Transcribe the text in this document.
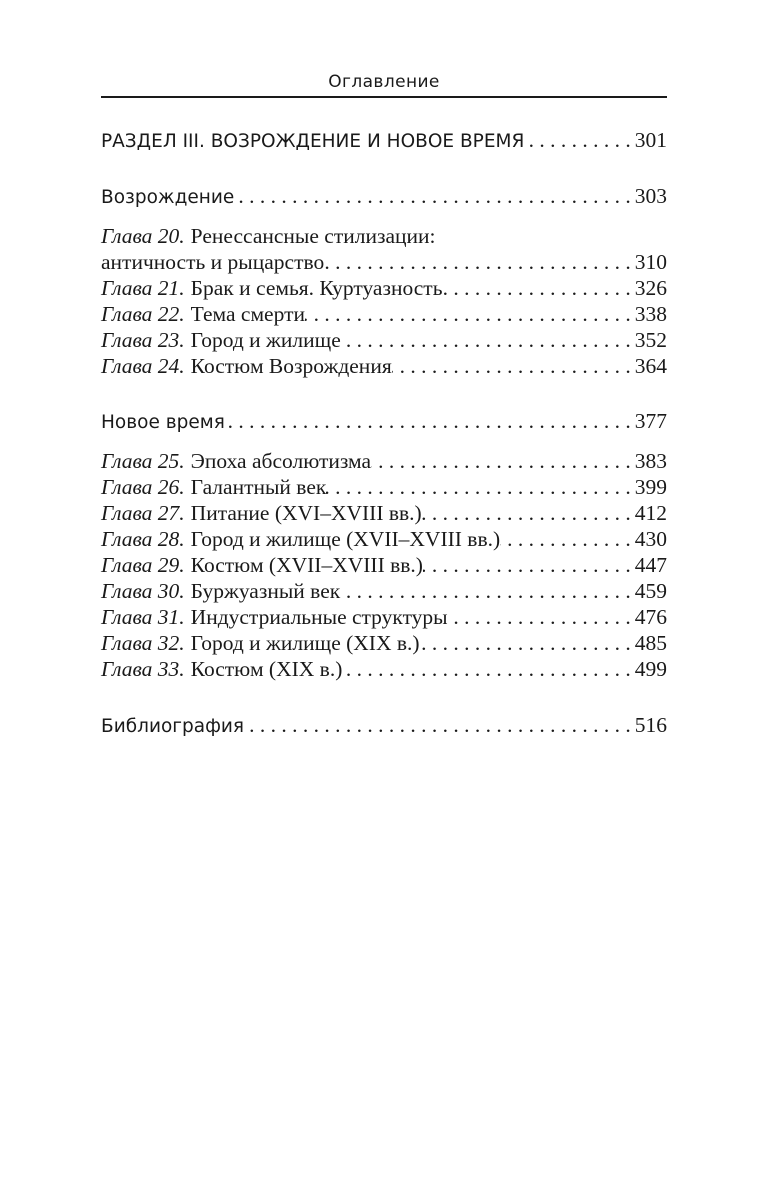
Оглавление
РАЗДЕЛ III. ВОЗРОЖДЕНИЕ И НОВОЕ ВРЕМЯ . . .	301
Возрождение . . .	303
Глава 20. Ренессансные стилизации:
античность и рыцарство . . .	310
Глава 21. Брак и семья. Куртуазность . . .	326
Глава 22. Тема смерти . . .	338
Глава 23. Город и жилище . . .	352
Глава 24. Костюм Возрождения . . .	364
Новое время . . .	377
Глава 25. Эпоха абсолютизма . . .	383
Глава 26. Галантный век . . .	399
Глава 27. Питание (XVI–XVIII вв.) . . .	412
Глава 28. Город и жилище (XVII–XVIII вв.) . . .	430
Глава 29. Костюм (XVII–XVIII вв.) . . .	447
Глава 30. Буржуазный век . . .	459
Глава 31. Индустриальные структуры . . .	476
Глава 32. Город и жилище (XIX в.) . . .	485
Глава 33. Костюм (XIX в.) . . .	499
Библиография . . .	516
